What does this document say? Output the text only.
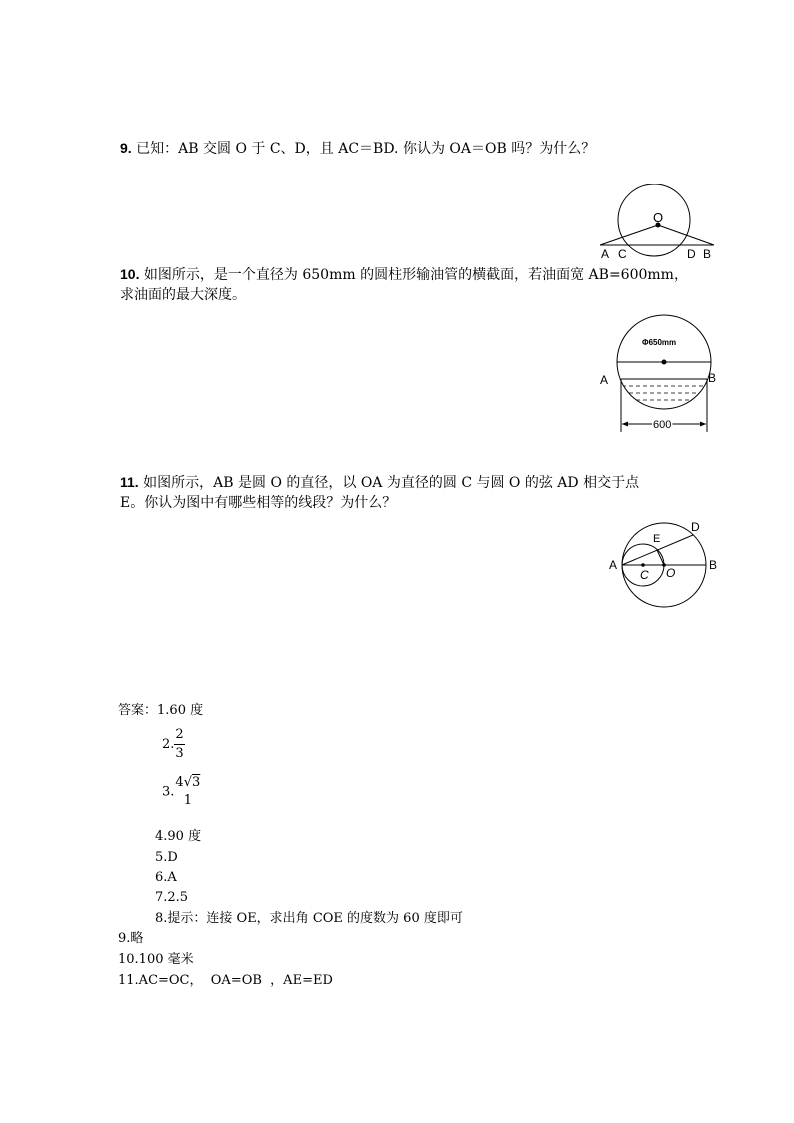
9. 已知：AB 交圆 O 于 C、D，且 AC＝BD. 你认为 OA＝OB 吗？为什么？
O
A C	D B
10. 如图所示，是一个直径为 650mm 的圆柱形输油管的横截面，若油面宽 AB=600mm，
求油面的最大深度。
Φ650mm
A	B
600
11. 如图所示，AB 是圆 O 的直径，以 OA 为直径的圆 C 与圆 O 的弦 AD 相交于点
E。你认为图中有哪些相等的线段？为什么？
A	B
C O
D
E
答案：1.60 度
2. $\frac{2}{3}$
3.
4√3
1
4.90 度
5.D
6.A
7.2.5
8.提示：连接 OE，求出角 COE 的度数为 60 度即可
9.略
10.100 毫米
11.AC=OC，  OA=OB  ，AE=ED
